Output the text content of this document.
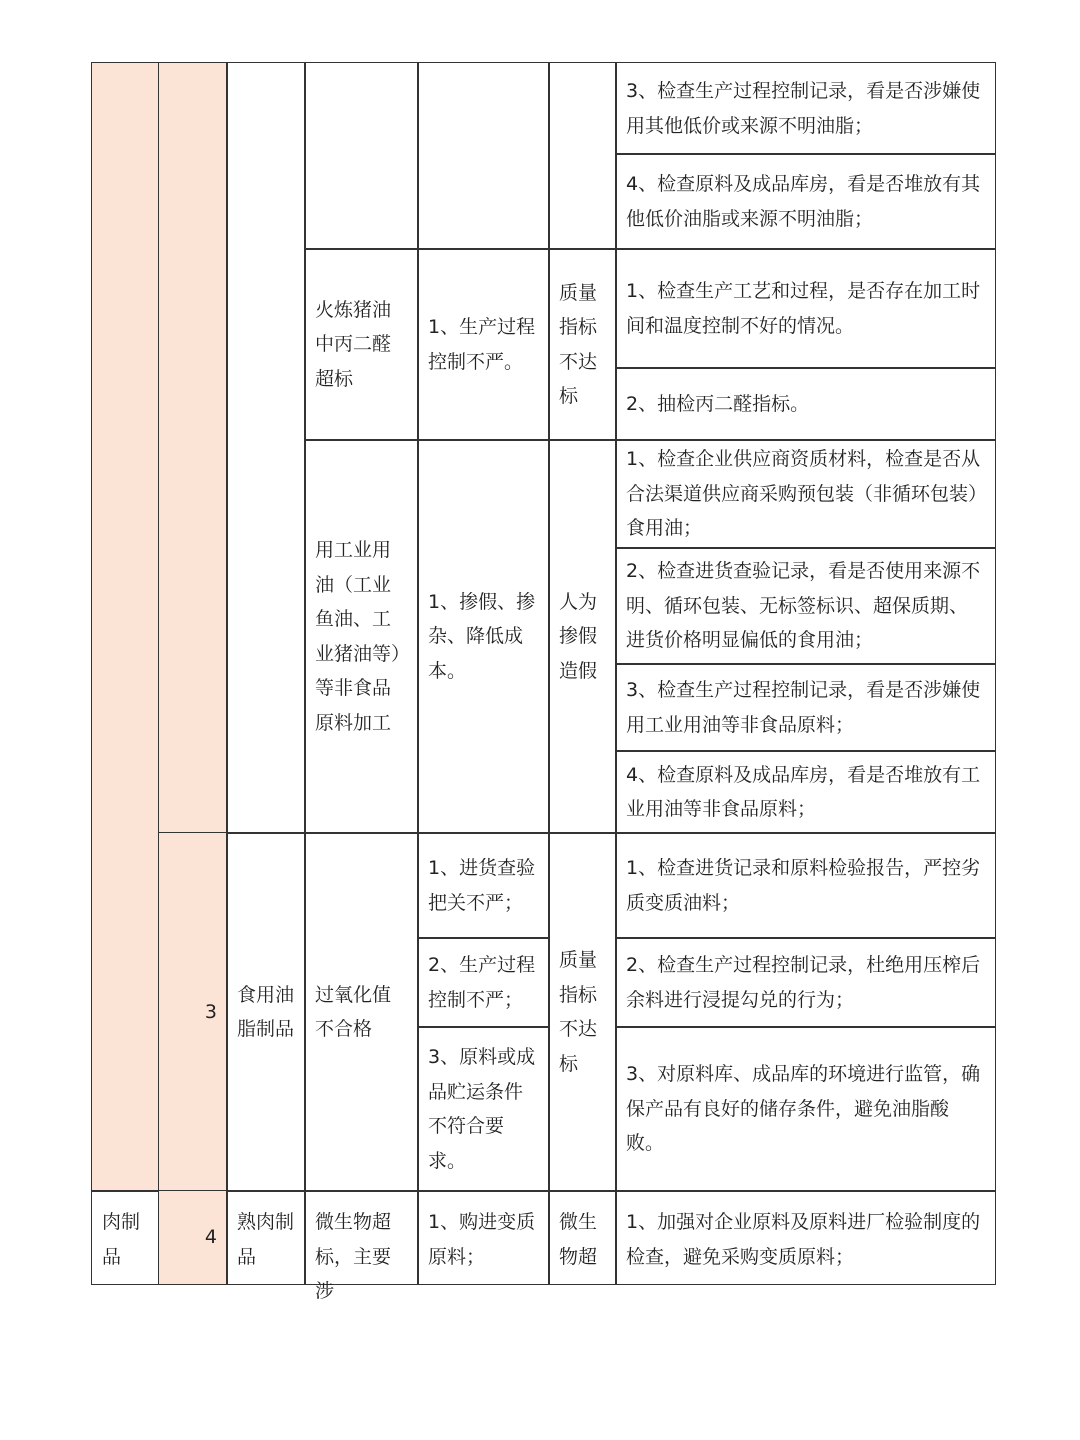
3
3、检查生产过程控制记录，看是否涉嫌使用其他低价或来源不明油脂；
4、检查原料及成品库房，看是否堆放有其他低价油脂或来源不明油脂；
火炼猪油中丙二醛超标
1、生产过程控制不严。
质量指标不达标
1、检查生产工艺和过程，是否存在加工时间和温度控制不好的情况。
2、抽检丙二醛指标。
用工业用油（工业鱼油、工业猪油等）等非食品原料加工
1、掺假、掺杂、降低成本。
人为掺假造假
1、检查企业供应商资质材料，检查是否从合法渠道供应商采购预包装（非循环包装）食用油；
2、检查进货查验记录，看是否使用来源不明、循环包装、无标签标识、超保质期、进货价格明显偏低的食用油；
3、检查生产过程控制记录，看是否涉嫌使用工业用油等非食品原料；
4、检查原料及成品库房，看是否堆放有工业用油等非食品原料；
食用油脂制品
过氧化值不合格
1、进货查验把关不严；
2、生产过程控制不严；
3、原料或成品贮运条件不符合要求。
质量指标不达标
1、检查进货记录和原料检验报告，严控劣质变质油料；
2、检查生产过程控制记录，杜绝用压榨后余料进行浸提勾兑的行为；
3、对原料库、成品库的环境进行监管，确保产品有良好的储存条件，避免油脂酸败。
肉制品
4
熟肉制品
微生物超标，主要涉
1、购进变质原料；
微生物超
1、加强对企业原料及原料进厂检验制度的检查，避免采购变质原料；
